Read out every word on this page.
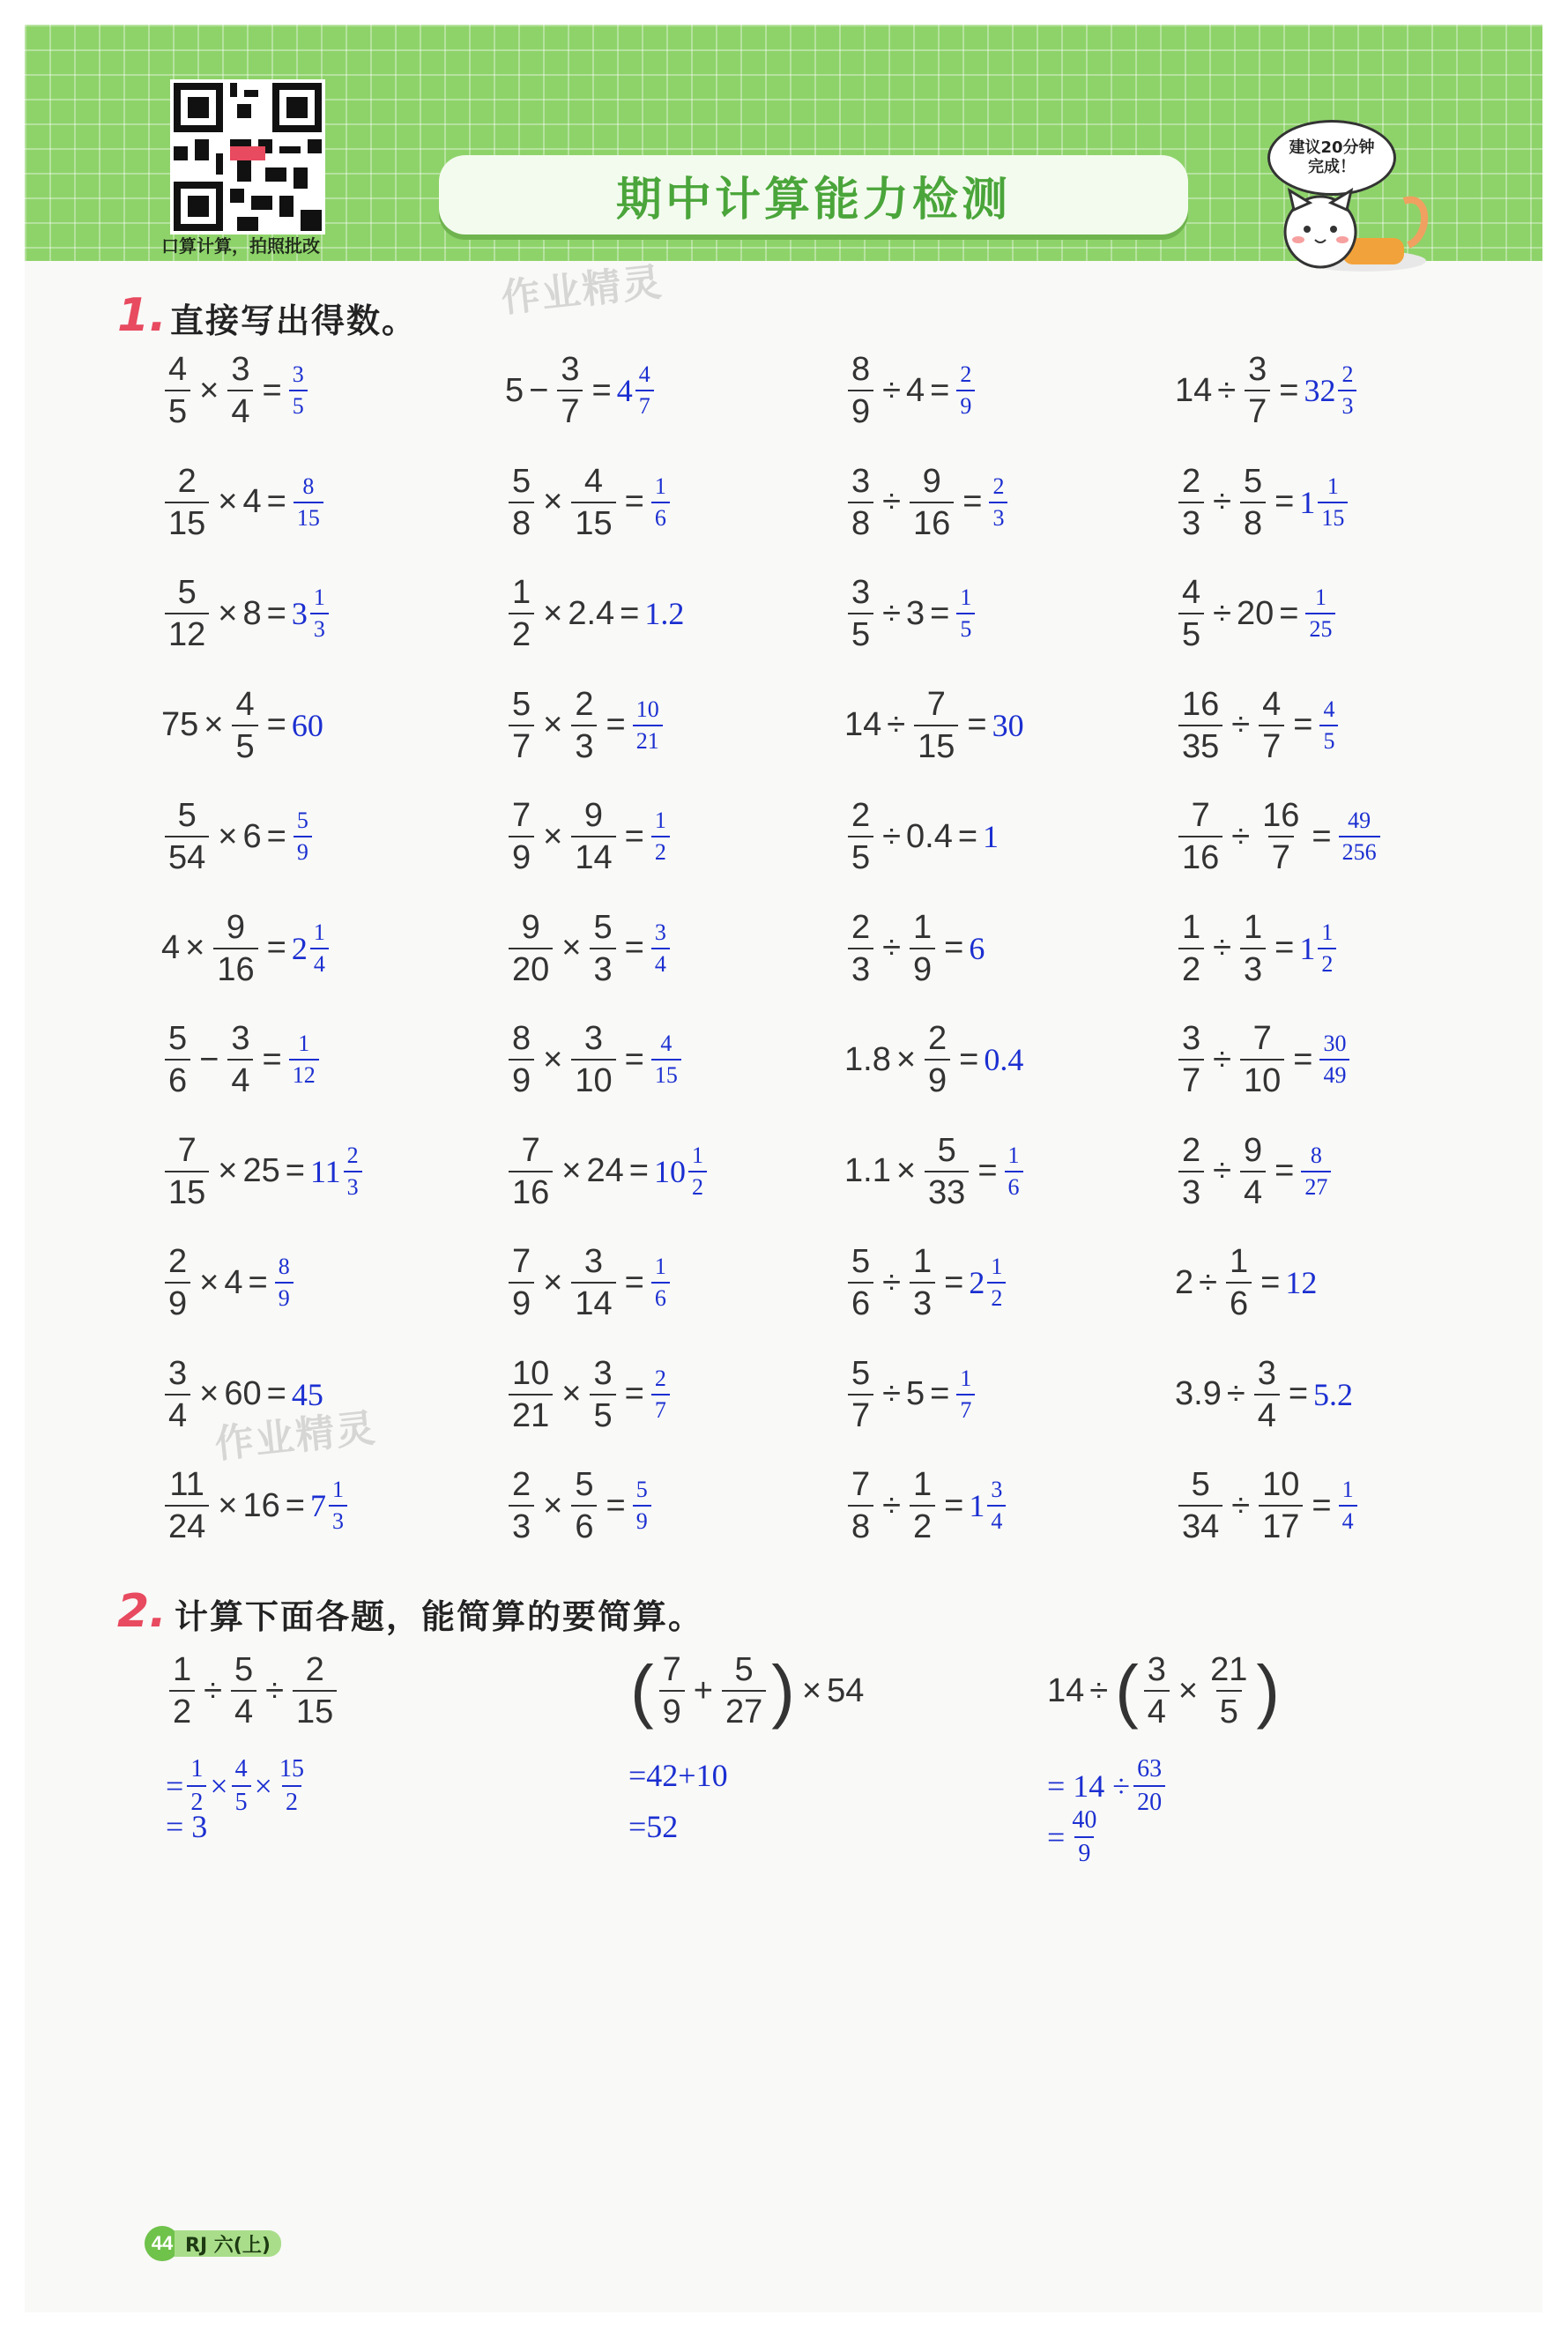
口算计算，拍照批改
期中计算能力检测
建议20分钟
完成！
1. 直接写出得数。 作业精灵
作业精灵
$\frac{4}{5} \times \frac{3}{4} = \frac{3}{5}$	$5 - \frac{3}{7} = 4 \frac{4}{7}$	$\frac{8}{9} \div 4 = \frac{2}{9}$	$14 \div \frac{3}{7} = 32 \frac{2}{3}$
$\frac{2}{15} \times 4 = \frac{8}{15}$	$\frac{5}{8} \times \frac{4}{15} = \frac{1}{6}$	$\frac{3}{8} \div \frac{9}{16} = \frac{2}{3}$	$\frac{2}{3} \div \frac{5}{8} = 1 \frac{1}{15}$
$\frac{5}{12} \times 8 = 3 \frac{1}{3}$	$\frac{1}{2} \times 2.4 = 1.2$	$\frac{3}{5} \div 3 = \frac{1}{5}$	$\frac{4}{5} \div 20 = \frac{1}{25}$
$75 \times \frac{4}{5} = 60$	$\frac{5}{7} \times \frac{2}{3} = \frac{10}{21}$	$14 \div \frac{7}{15} = 30$	$\frac{16}{35} \div \frac{4}{7} = \frac{4}{5}$
$\frac{5}{54} \times 6 = \frac{5}{9}$	$\frac{7}{9} \times \frac{9}{14} = \frac{1}{2}$	$\frac{2}{5} \div 0.4 = 1$	$\frac{7}{16} \div \frac{16}{7} = \frac{49}{256}$
$4 \times \frac{9}{16} = 2 \frac{1}{4}$	$\frac{9}{20} \times \frac{5}{3} = \frac{3}{4}$	$\frac{2}{3} \div \frac{1}{9} = 6$	$\frac{1}{2} \div \frac{1}{3} = 1 \frac{1}{2}$
$\frac{5}{6} - \frac{3}{4} = \frac{1}{12}$	$\frac{8}{9} \times \frac{3}{10} = \frac{4}{15}$	$1.8 \times \frac{2}{9} = 0.4$	$\frac{3}{7} \div \frac{7}{10} = \frac{30}{49}$
$\frac{7}{15} \times 25 = 11 \frac{2}{3}$	$\frac{7}{16} \times 24 = 10 \frac{1}{2}$	$1.1 \times \frac{5}{33} = \frac{1}{6}$	$\frac{2}{3} \div \frac{9}{4} = \frac{8}{27}$
$\frac{2}{9} \times 4 = \frac{8}{9}$	$\frac{7}{9} \times \frac{3}{14} = \frac{1}{6}$	$\frac{5}{6} \div \frac{1}{3} = 2 \frac{1}{2}$	$2 \div \frac{1}{6} = 12$
$\frac{3}{4} \times 60 = 45$	$\frac{10}{21} \times \frac{3}{5} = \frac{2}{7}$	$\frac{5}{7} \div 5 = \frac{1}{7}$	$3.9 \div \frac{3}{4} = 5.2$
$\frac{11}{24} \times 16 = 7 \frac{1}{3}$	$\frac{2}{3} \times \frac{5}{6} = \frac{5}{9}$	$\frac{7}{8} \div \frac{1}{2} = 1 \frac{3}{4}$	$\frac{5}{34} \div \frac{10}{17} = \frac{1}{4}$
2. 计算下面各题，能简算的要简算。
$\frac{1}{2} \div \frac{5}{4} \div \frac{2}{15}$
= $\frac{1}{2} \times \frac{4}{5} \times \frac{15}{2}$
= 3
( $\frac{7}{9} + \frac{5}{27}$ ) × 54
=42+10
=52
14 ÷ ( $\frac{3}{4} \times \frac{21}{5}$ )
= $14 \div \frac{63}{20}$
= $\frac{40}{9}$
44 RJ 六(上)
